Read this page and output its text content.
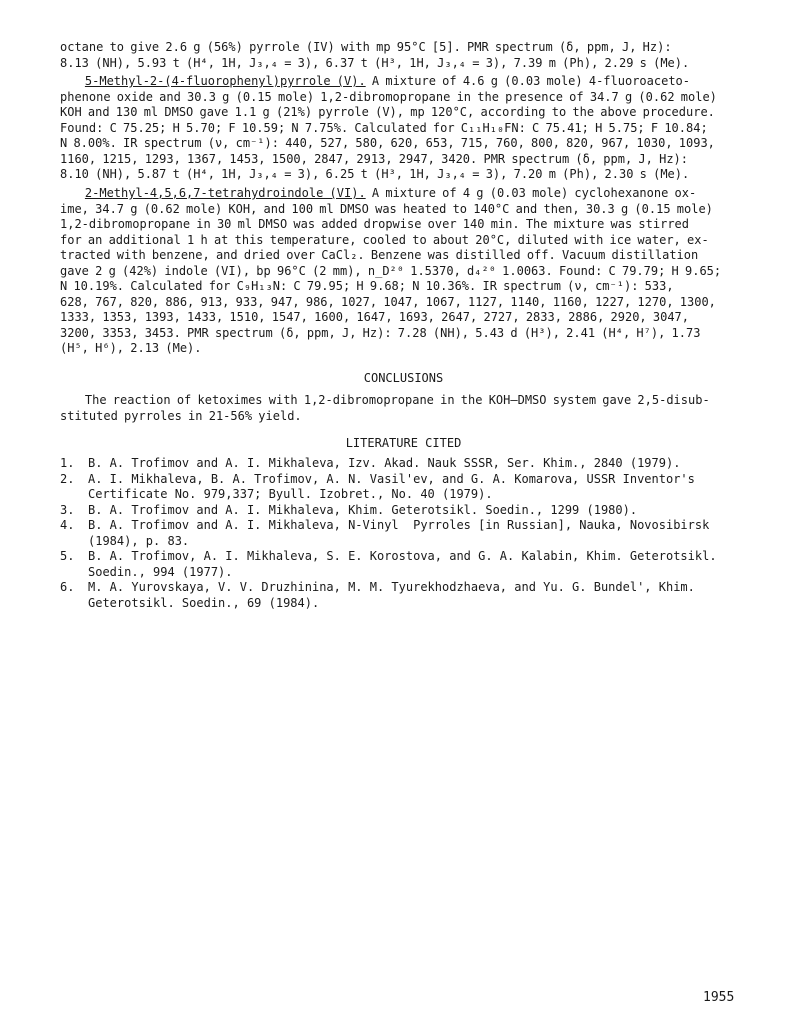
octane to give 2.6 g (56%) pyrrole (IV) with mp 95°C [5]. PMR spectrum (δ, ppm, J, Hz):
8.13 (NH), 5.93 t (H⁴, 1H, J₃,₄ = 3), 6.37 t (H³, 1H, J₃,₄ = 3), 7.39 m (Ph), 2.29 s (Me).
5-Methyl-2-(4-fluorophenyl)pyrrole (V). A mixture of 4.6 g (0.03 mole) 4-fluoroaceto-
phenone oxide and 30.3 g (0.15 mole) 1,2-dibromopropane in the presence of 34.7 g (0.62 mole)
KOH and 130 ml DMSO gave 1.1 g (21%) pyrrole (V), mp 120°C, according to the above procedure.
Found: C 75.25; H 5.70; F 10.59; N 7.75%. Calculated for C₁₁H₁₀FN: C 75.41; H 5.75; F 10.84;
N 8.00%. IR spectrum (ν, cm⁻¹): 440, 527, 580, 620, 653, 715, 760, 800, 820, 967, 1030, 1093,
1160, 1215, 1293, 1367, 1453, 1500, 2847, 2913, 2947, 3420. PMR spectrum (δ, ppm, J, Hz):
8.10 (NH), 5.87 t (H⁴, 1H, J₃,₄ = 3), 6.25 t (H³, 1H, J₃,₄ = 3), 7.20 m (Ph), 2.30 s (Me).
2-Methyl-4,5,6,7-tetrahydroindole (VI). A mixture of 4 g (0.03 mole) cyclohexanone ox-
ime, 34.7 g (0.62 mole) KOH, and 100 ml DMSO was heated to 140°C and then, 30.3 g (0.15 mole)
1,2-dibromopropane in 30 ml DMSO was added dropwise over 140 min. The mixture was stirred
for an additional 1 h at this temperature, cooled to about 20°C, diluted with ice water, ex-
tracted with benzene, and dried over CaCl₂. Benzene was distilled off. Vacuum distillation
gave 2 g (42%) indole (VI), bp 96°C (2 mm), n_D²⁰ 1.5370, d₄²⁰ 1.0063. Found: C 79.79; H 9.65;
N 10.19%. Calculated for C₉H₁₃N: C 79.95; H 9.68; N 10.36%. IR spectrum (ν, cm⁻¹): 533,
628, 767, 820, 886, 913, 933, 947, 986, 1027, 1047, 1067, 1127, 1140, 1160, 1227, 1270, 1300,
1333, 1353, 1393, 1433, 1510, 1547, 1600, 1647, 1693, 2647, 2727, 2833, 2886, 2920, 3047,
3200, 3353, 3453. PMR spectrum (δ, ppm, J, Hz): 7.28 (NH), 5.43 d (H³), 2.41 (H⁴, H⁷), 1.73
(H⁵, H⁶), 2.13 (Me).
CONCLUSIONS
The reaction of ketoximes with 1,2-dibromopropane in the KOH–DMSO system gave 2,5-disub-
stituted pyrroles in 21-56% yield.
LITERATURE CITED
1. B. A. Trofimov and A. I. Mikhaleva, Izv. Akad. Nauk SSSR, Ser. Khim., 2840 (1979).
2. A. I. Mikhaleva, B. A. Trofimov, A. N. Vasil'ev, and G. A. Komarova, USSR Inventor's
Certificate No. 979,337; Byull. Izobret., No. 40 (1979).
3. B. A. Trofimov and A. I. Mikhaleva, Khim. Geterotsikl. Soedin., 1299 (1980).
4. B. A. Trofimov and A. I. Mikhaleva, N-Vinyl  Pyrroles [in Russian], Nauka, Novosibirsk
(1984), p. 83.
5. B. A. Trofimov, A. I. Mikhaleva, S. E. Korostova, and G. A. Kalabin, Khim. Geterotsikl.
Soedin., 994 (1977).
6. M. A. Yurovskaya, V. V. Druzhinina, M. M. Tyurekhodzhaeva, and Yu. G. Bundel', Khim.
Geterotsikl. Soedin., 69 (1984).
1955
